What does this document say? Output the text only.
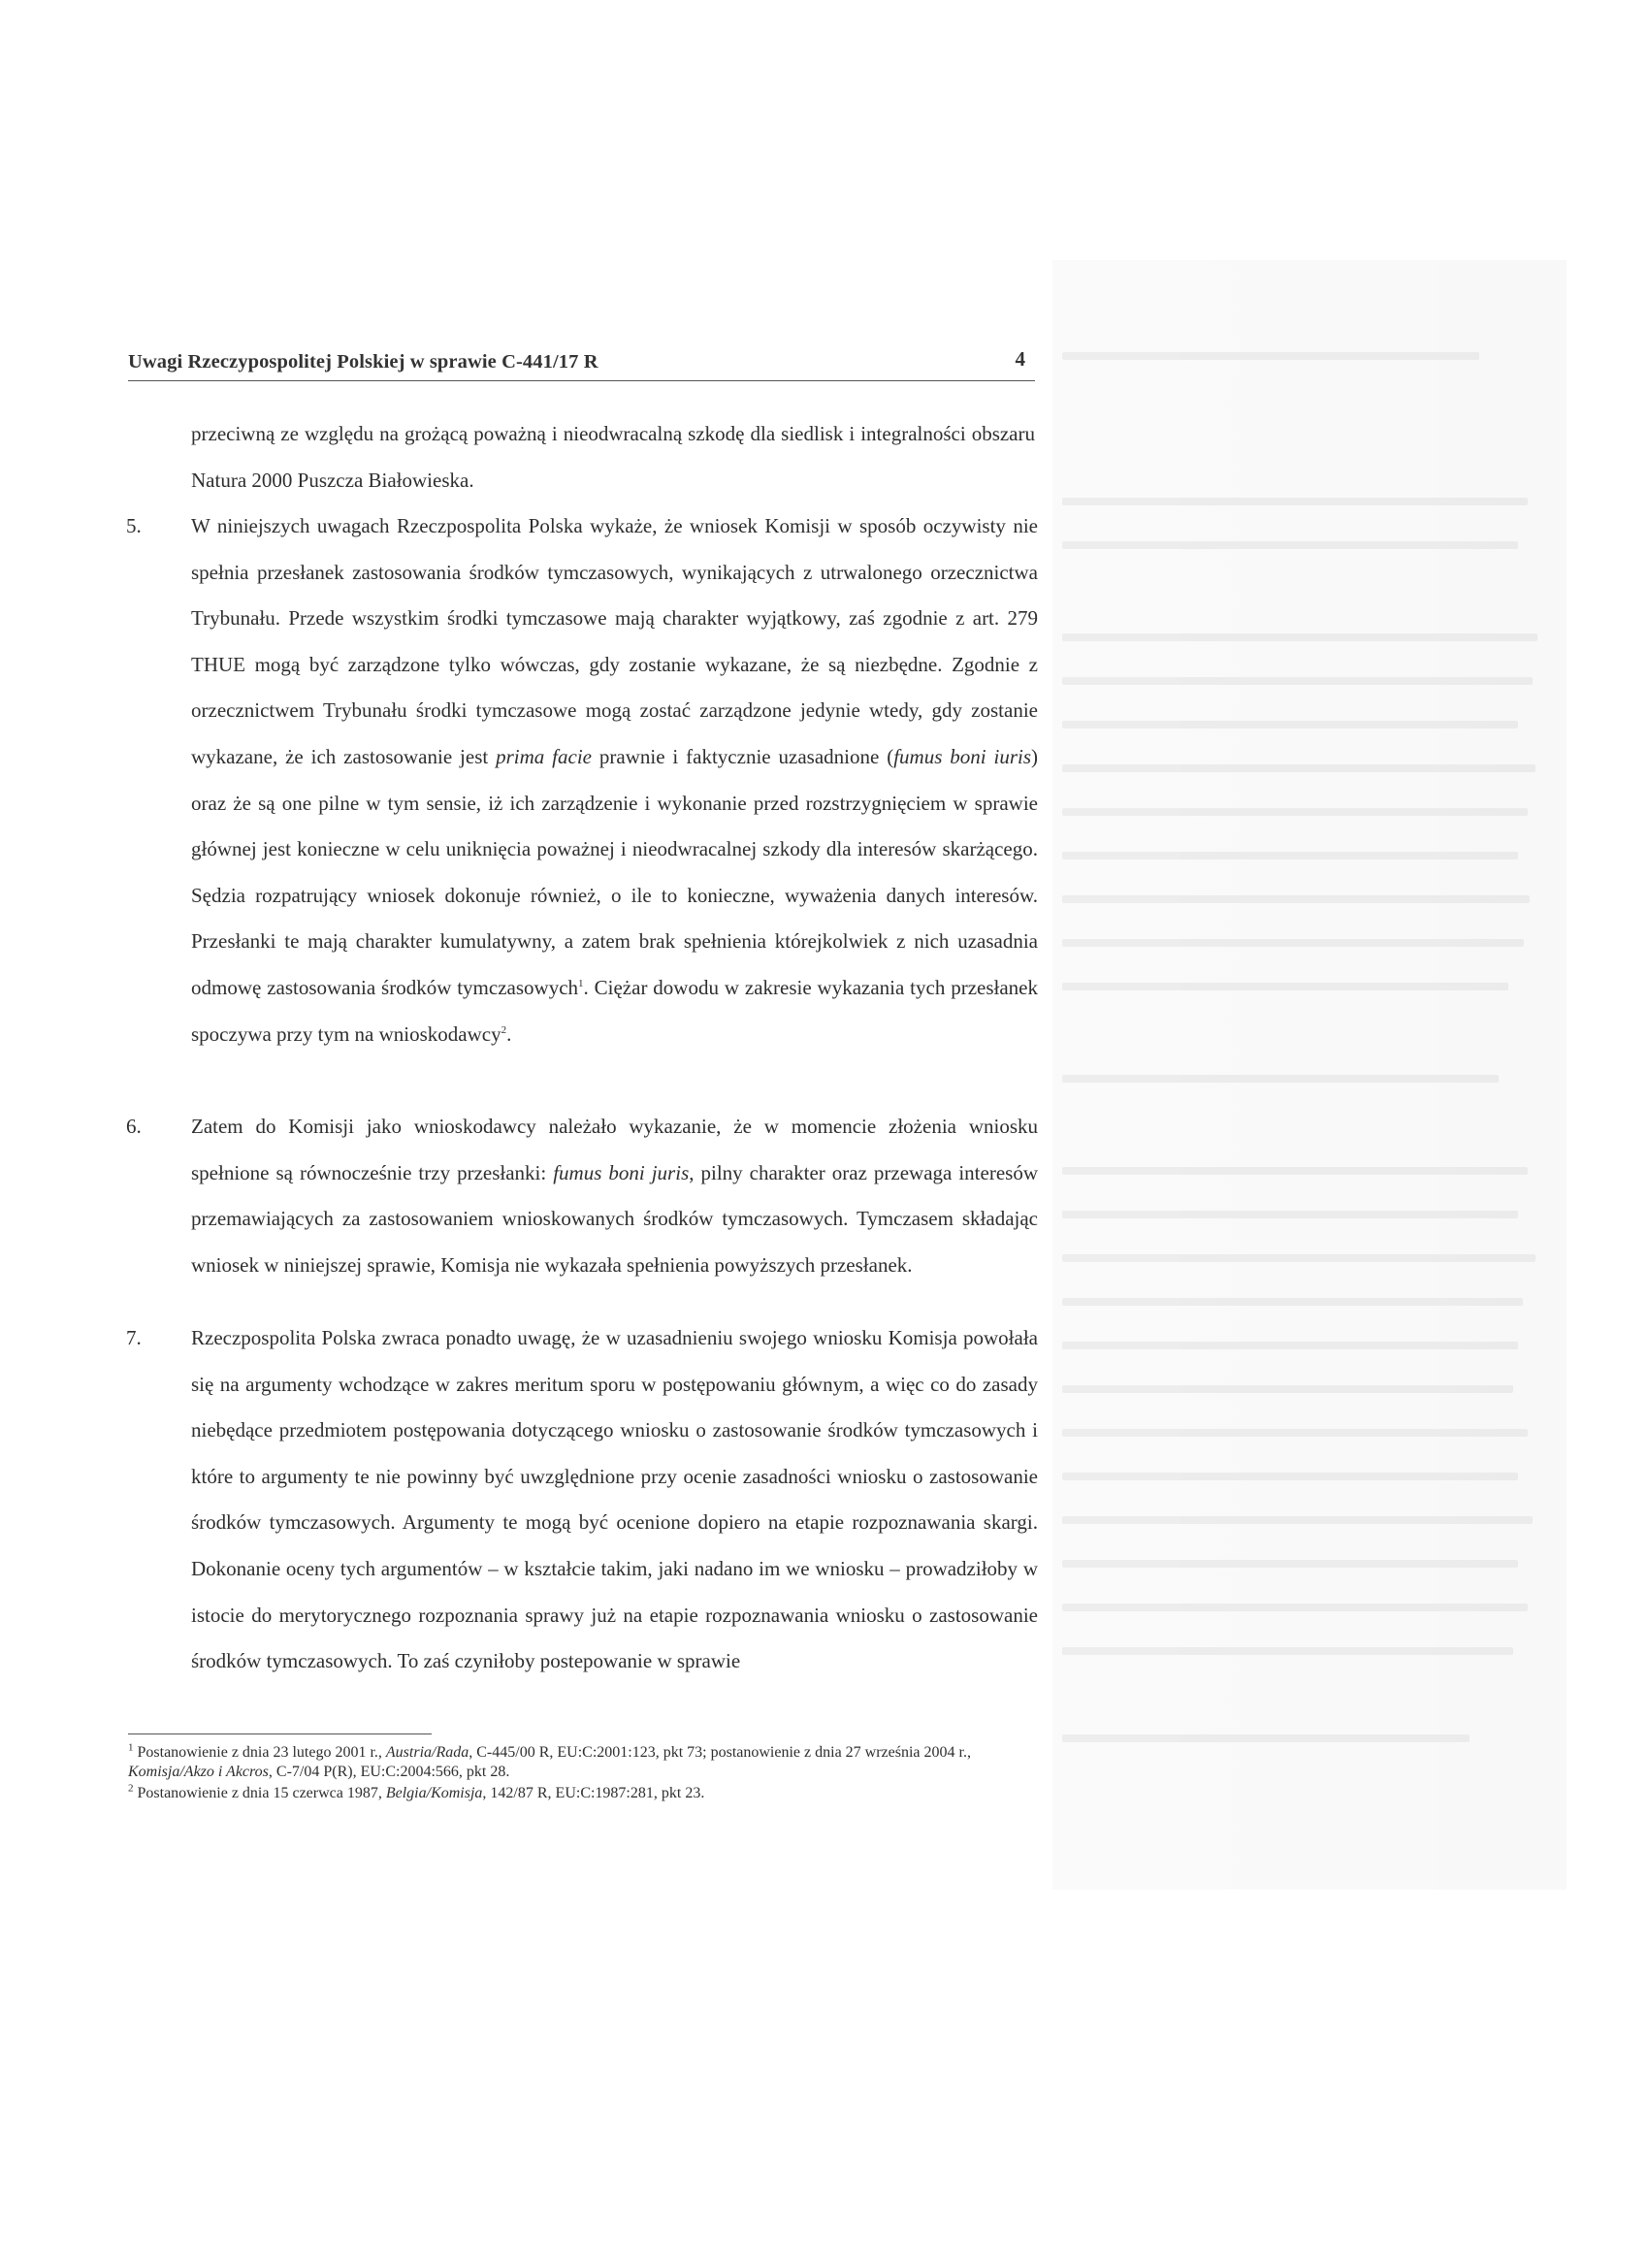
Uwagi Rzeczypospolitej Polskiej w sprawie C-441/17 R	4
przeciwną ze względu na grożącą poważną i nieodwracalną szkodę dla siedlisk i integralności obszaru Natura 2000 Puszcza Białowieska.
5. W niniejszych uwagach Rzeczpospolita Polska wykaże, że wniosek Komisji w sposób oczywisty nie spełnia przesłanek zastosowania środków tymczasowych, wynikających z utrwalonego orzecznictwa Trybunału. Przede wszystkim środki tymczasowe mają charakter wyjątkowy, zaś zgodnie z art. 279 THUE mogą być zarządzone tylko wówczas, gdy zostanie wykazane, że są niezbędne. Zgodnie z orzecznictwem Trybunału środki tymczasowe mogą zostać zarządzone jedynie wtedy, gdy zostanie wykazane, że ich zastosowanie jest prima facie prawnie i faktycznie uzasadnione (fumus boni iuris) oraz że są one pilne w tym sensie, iż ich zarządzenie i wykonanie przed rozstrzygnięciem w sprawie głównej jest konieczne w celu uniknięcia poważnej i nieodwracalnej szkody dla interesów skarżącego. Sędzia rozpatrujący wniosek dokonuje również, o ile to konieczne, wyważenia danych interesów. Przesłanki te mają charakter kumulatywny, a zatem brak spełnienia którejkolwiek z nich uzasadnia odmowę zastosowania środków tymczasowych$^1$. Ciężar dowodu w zakresie wykazania tych przesłanek spoczywa przy tym na wnioskodawcy$^2$.
6. Zatem do Komisji jako wnioskodawcy należało wykazanie, że w momencie złożenia wniosku spełnione są równocześnie trzy przesłanki: fumus boni juris, pilny charakter oraz przewaga interesów przemawiających za zastosowaniem wnioskowanych środków tymczasowych. Tymczasem składając wniosek w niniejszej sprawie, Komisja nie wykazała spełnienia powyższych przesłanek.
7. Rzeczpospolita Polska zwraca ponadto uwagę, że w uzasadnieniu swojego wniosku Komisja powołała się na argumenty wchodzące w zakres meritum sporu w postępowaniu głównym, a więc co do zasady niebędące przedmiotem postępowania dotyczącego wniosku o zastosowanie środków tymczasowych i które to argumenty te nie powinny być uwzględnione przy ocenie zasadności wniosku o zastosowanie środków tymczasowych. Argumenty te mogą być ocenione dopiero na etapie rozpoznawania skargi. Dokonanie oceny tych argumentów – w kształcie takim, jaki nadano im we wniosku – prowadziłoby w istocie do merytorycznego rozpoznania sprawy już na etapie rozpoznawania wniosku o zastosowanie środków tymczasowych. To zaś czyniłoby postepowanie w sprawie
$^1$ Postanowienie z dnia 23 lutego 2001 r., Austria/Rada, C-445/00 R, EU:C:2001:123, pkt 73; postanowienie z dnia 27 września 2004 r., Komisja/Akzo i Akcros, C-7/04 P(R), EU:C:2004:566, pkt 28.
$^2$ Postanowienie z dnia 15 czerwca 1987, Belgia/Komisja, 142/87 R, EU:C:1987:281, pkt 23.
